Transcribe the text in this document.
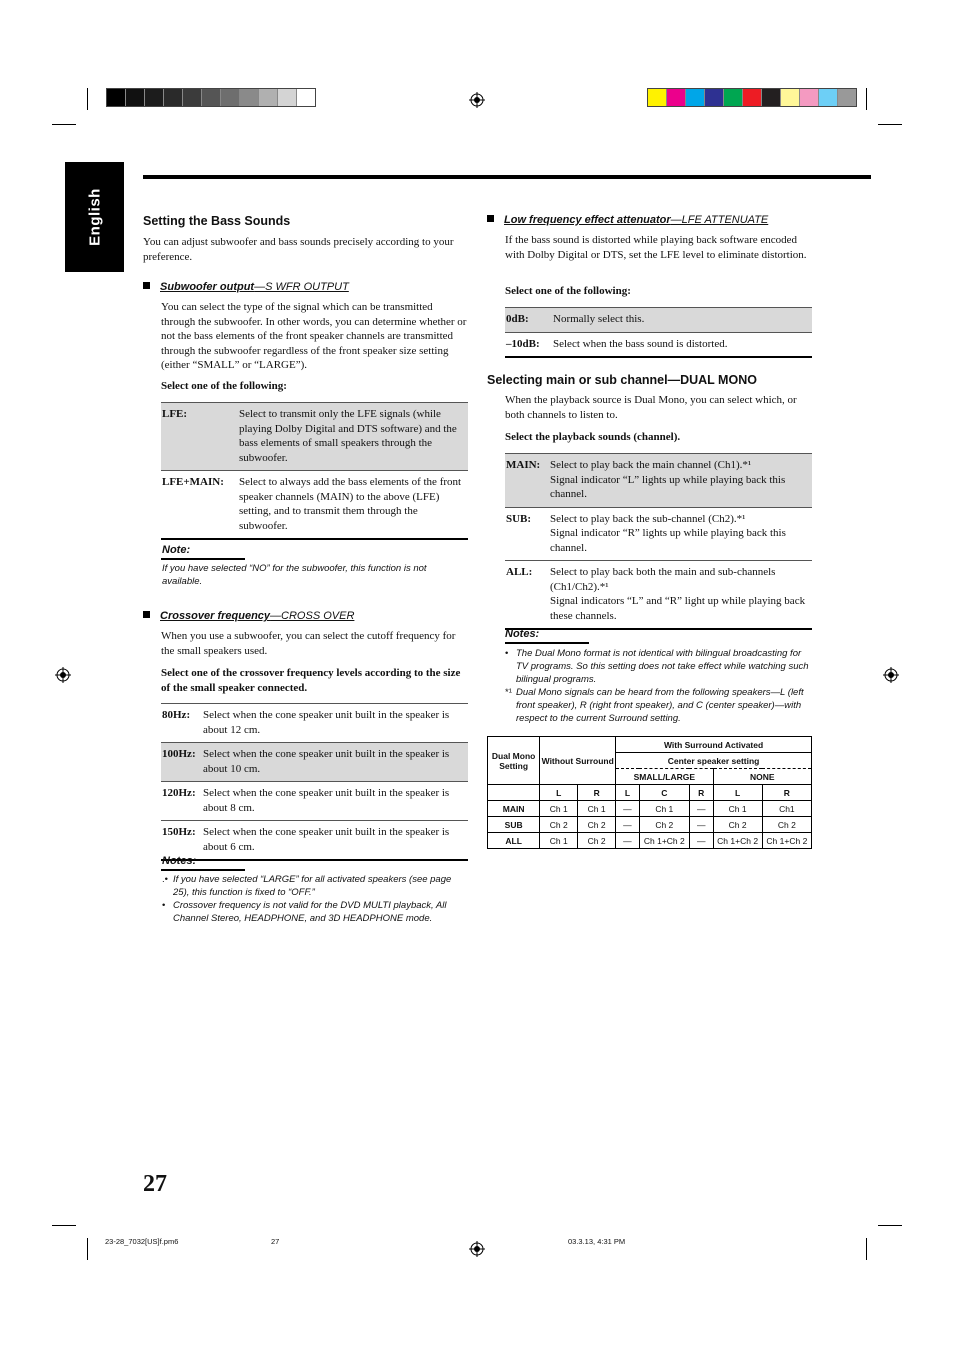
English	Setting the Bass Sounds

You can adjust subwoofer and bass sounds precisely according to your preference.

Subwoofer output—S WFR OUTPUT

You can select the type of the signal which can be transmitted through the subwoofer. In other words, you can determine whether or not the bass elements of the front speaker channels are transmitted through the subwoofer regardless of the front speaker size setting (either “SMALL” or “LARGE”).

Select one of the following:

LFE:	Select to transmit only the LFE signals (while playing Dolby Digital and DTS software) and the bass elements of small speakers through the subwoofer.
LFE+MAIN:	Select to always add the bass elements of the front speaker channels (MAIN) to the above (LFE) setting, and to transmit them through the subwoofer.
Note:

If you have selected “NO” for the subwoofer, this function is not available.

Crossover frequency—CROSS OVER

When you use a subwoofer, you can select the cutoff frequency for the small speakers used.

Select one of the crossover frequency levels according to the size of the small speaker connected.

80Hz:	Select when the cone speaker unit built in the speaker is about 12 cm.
100Hz:	Select when the cone speaker unit built in the speaker is about 10 cm.
120Hz:	Select when the cone speaker unit built in the speaker is about 8 cm.
150Hz:	Select when the cone speaker unit built in the speaker is about 6 cm.
Notes:
.• If you have selected “LARGE” for all activated speakers (see page 25), this function is fixed to “OFF.”
• Crossover frequency is not valid for the DVD MULTI playback, All Channel Stereo, HEADPHONE, and 3D HEADPHONE mode.
Low frequency effect attenuator—LFE ATTENUATE

If the bass sound is distorted while playing back software encoded with Dolby Digital or DTS, set the LFE level to eliminate distortion.

Select one of the following:

0dB:	Normally select this.
–10dB:	Select when the bass sound is distorted.
Selecting main or sub channel—DUAL MONO

When the playback source is Dual Mono, you can select which, or both channels to listen to.

Select the playback sounds (channel).

MAIN:	Select to play back the main channel (Ch1).*¹
Signal indicator “L” lights up while playing back this channel.

SUB:	Select to play back the sub-channel (Ch2).*¹
Signal indicator “R” lights up while playing back this channel.

ALL:	Select to play back both the main and sub-channels (Ch1/Ch2).*¹
Signal indicators “L” and “R” light up while playing back these channels.
Notes:
• The Dual Mono format is not identical with bilingual broadcasting for TV programs. So this setting does not take effect while watching such bilingual programs.
*¹ Dual Mono signals can be heard from the following speakers—L (left front speaker), R (right front speaker), and C (center speaker)—with respect to the current Surround setting.
Dual Mono Setting	Without Surround		With Surround Activated				
			Center speaker setting				
			SMALL/LARGE			NONE	
	L	R	L	C	R	L	R
MAIN	Ch 1	Ch 1	—	Ch 1	—	Ch 1	Ch1
SUB	Ch 2	Ch 2	—	Ch 2	—	Ch 2	Ch 2
ALL	Ch 1	Ch 2	—	Ch 1+Ch 2	—	Ch 1+Ch 2	Ch 1+Ch 2
27
23-28_7032[US]f.pm6	27	03.3.13, 4:31 PM
